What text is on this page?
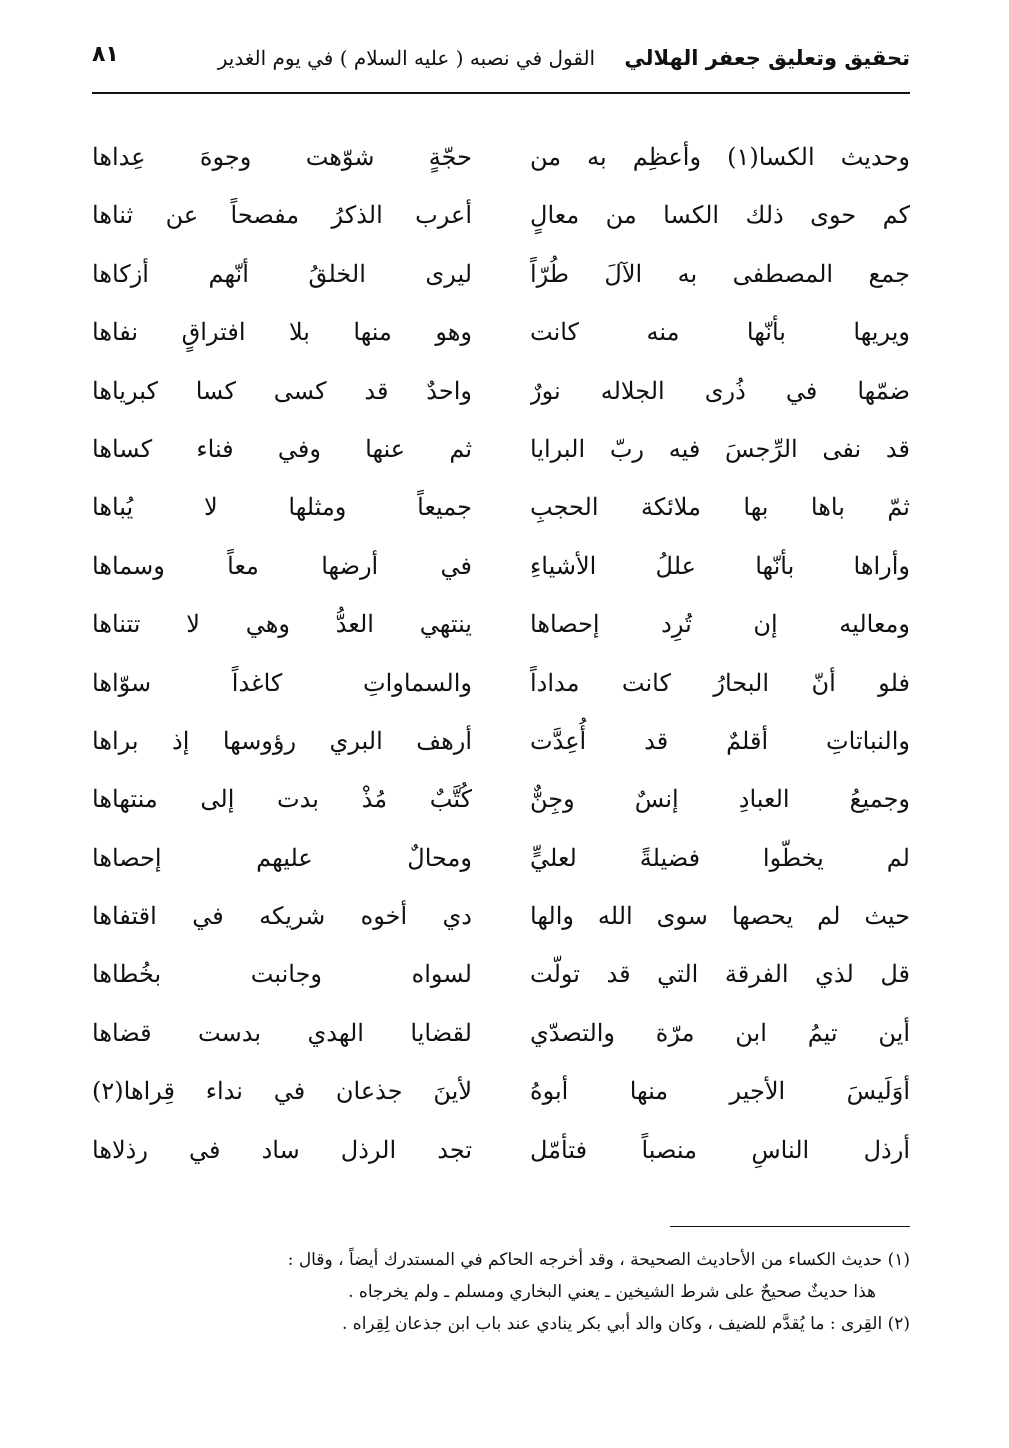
تحقيق وتعليق جعفر الهلالي    القول في نصبه ( عليه السلام ) في يوم الغدير
٨١
وحديث الكسا(١) وأعظِم به من
حجّةٍ شوّهت وجوهَ عِداها
كم حوى ذلك الكسا من معالٍ
أعرب الذكرُ مفصحاً عن ثناها
جمع المصطفى به الآلَ طُرّاً
ليرى الخلقُ أنّهم أزكاها
ويريها بأنّها منه كانت
وهو منها بلا افتراقٍ نفاها
ضمّها في ذُرى الجلاله نورٌ
واحدٌ قد كسى كسا كبرياها
قد نفى الرِّجسَ فيه ربّ البرايا
ثم عنها وفي فناء كساها
ثمّ باها بها ملائكة الحجبِ
جميعاً ومثلها لا يُباها
وأراها بأنّها عللُ الأشياءِ
في أرضها معاً وسماها
ومعاليه إن تُرِد إحصاها
ينتهي العدُّ وهي لا تتناها
فلو أنّ البحارُ كانت مداداً
والسماواتِ كاغداً سوّاها
والنباتاتِ أقلمٌ قد أُعِدَّت
أرهف البري رؤوسها إذ براها
وجميعُ العبادِ إنسٌ وجِنٌّ
كُتَّبٌ مُذْ بدت إلى منتهاها
لم يخطّوا فضيلةً لعليٍّ
ومحالٌ عليهم إحصاها
حيث لم يحصها سوى الله والها
دي أخوه شريكه في اقتفاها
قل لذي الفرقة التي قد تولّت
لسواه وجانبت بخُطاها
أين تيمُ ابن مرّة والتصدّي
لقضايا الهدي بدست قضاها
أوَلَيسَ الأجير منها أبوهُ
لأينَ جذعان في نداء قِراها(٢)
أرذل الناسِ منصباً فتأمّل
تجد الرذل ساد في رذلاها
(١) حديث الكساء من الأحاديث الصحيحة ، وقد أخرجه الحاكم في المستدرك أيضاً ، وقال :
هذا حديثٌ صحيحٌ على شرط الشيخين ـ يعني البخاري ومسلم ـ ولم يخرجاه .
(٢) القِرى : ما يُقدَّم للضيف ، وكان والد أبي بكر ينادي عند باب ابن جذعان لِقِراه .
